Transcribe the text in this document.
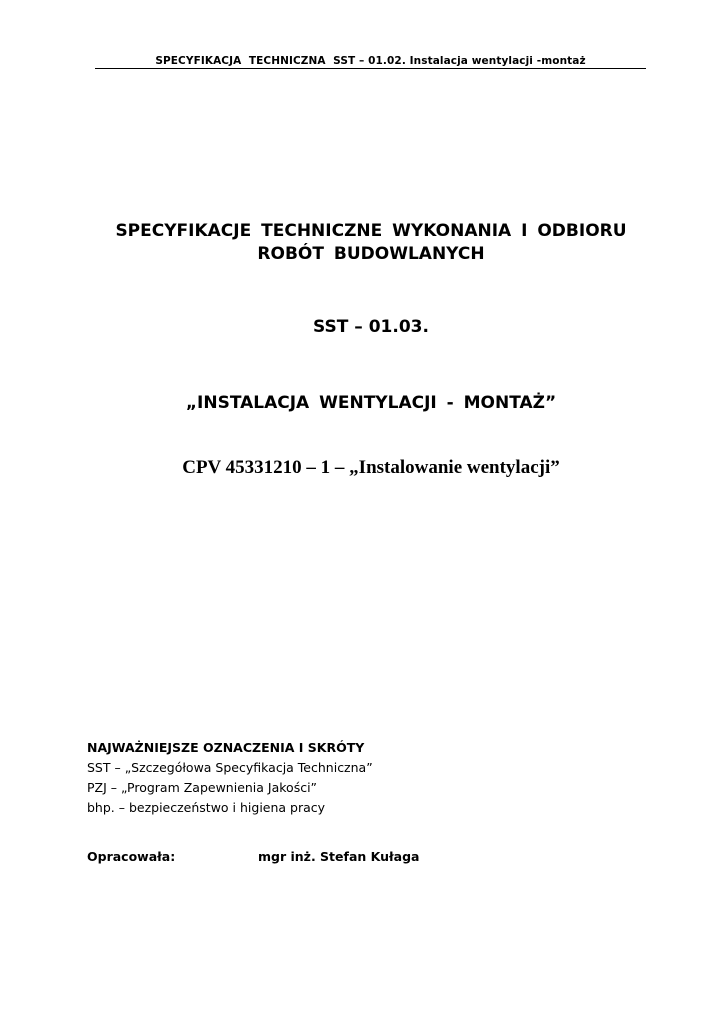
SPECYFIKACJA  TECHNICZNA  SST – 01.02. Instalacja wentylacji -montaż
SPECYFIKACJE TECHNICZNE WYKONANIA I ODBIORU
ROBÓT BUDOWLANYCH
SST – 01.03.
„INSTALACJA WENTYLACJI - MONTAŻ”
CPV 45331210 – 1 – „Instalowanie wentylacji”
NAJWAŻNIEJSZE OZNACZENIA I SKRÓTY
SST – „Szczegółowa Specyfikacja Techniczna”
PZJ – „Program Zapewnienia Jakości”
bhp. – bezpieczeństwo i higiena pracy
Opracowała:	mgr inż. Stefan Kułaga
